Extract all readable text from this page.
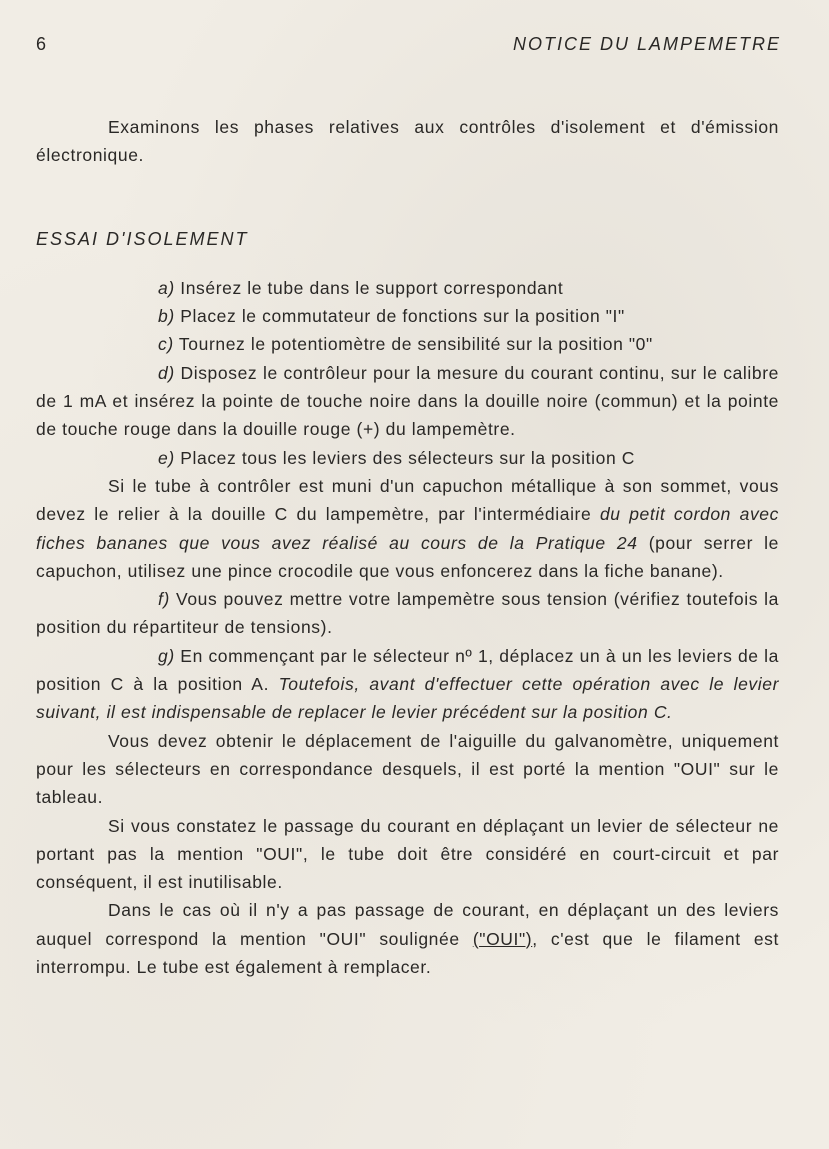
6	NOTICE DU LAMPEMETRE

Examinons les phases relatives aux contrôles d'isolement et d'émission électronique.

ESSAI D'ISOLEMENT

a) Insérez le tube dans le support correspondant

b) Placez le commutateur de fonctions sur la position "I"

c) Tournez le potentiomètre de sensibilité sur la position "0"

d) Disposez le contrôleur pour la mesure du courant continu, sur le calibre de 1 mA et insérez la pointe de touche noire dans la douille noire (commun) et la pointe de touche rouge dans la douille rouge (+) du lampemètre.

e) Placez tous les leviers des sélecteurs sur la position C

Si le tube à contrôler est muni d'un capuchon métallique à son sommet, vous devez le relier à la douille C du lampemètre, par l'intermédiaire du petit cordon avec fiches bananes que vous avez réalisé au cours de la Pratique 24 (pour serrer le capuchon, utilisez une pince crocodile que vous enfoncerez dans la fiche banane).

f) Vous pouvez mettre votre lampemètre sous tension (vérifiez toutefois la position du répartiteur de tensions).

g) En commençant par le sélecteur nº 1, déplacez un à un les leviers de la position C à la position A. Toutefois, avant d'effectuer cette opération avec le levier suivant, il est indispensable de replacer le levier précédent sur la position C.

Vous devez obtenir le déplacement de l'aiguille du galvanomètre, uniquement pour les sélecteurs en correspondance desquels, il est porté la mention "OUI" sur le tableau.

Si vous constatez le passage du courant en déplaçant un levier de sélecteur ne portant pas la mention "OUI", le tube doit être considéré en court-circuit et par conséquent, il est inutilisable.

Dans le cas où il n'y a pas passage de courant, en déplaçant un des leviers auquel correspond la mention "OUI" soulignée ("OUI"), c'est que le filament est interrompu. Le tube est également à remplacer.
